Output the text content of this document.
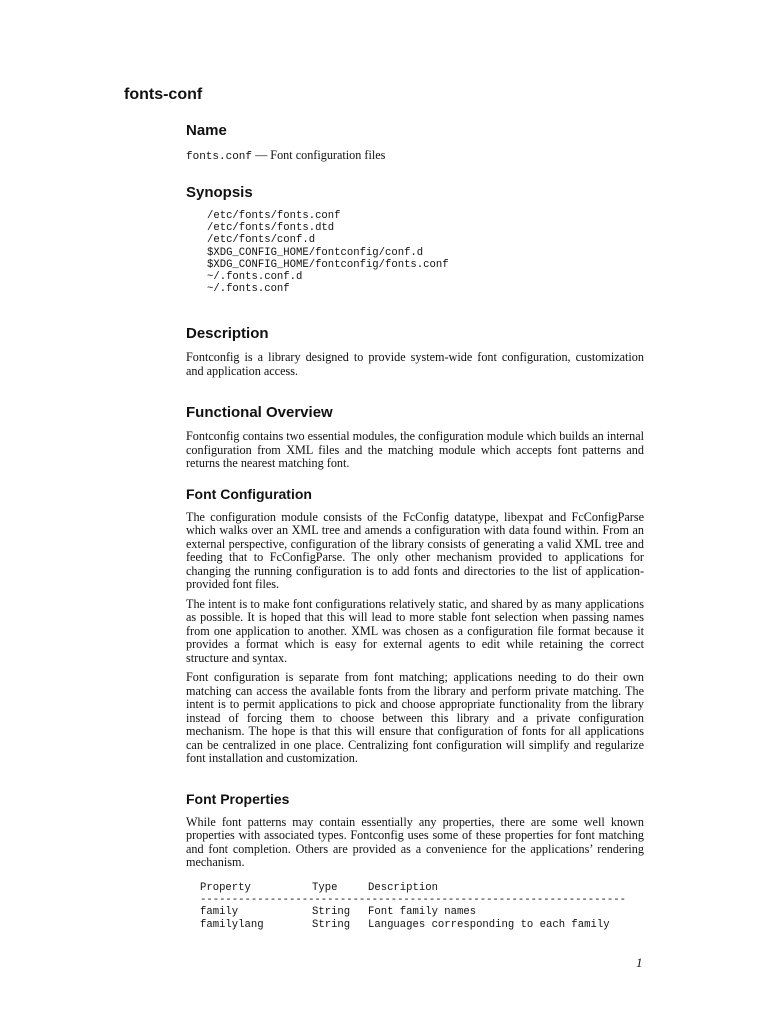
fonts-conf
Name
fonts.conf — Font configuration files
Synopsis
/etc/fonts/fonts.conf
/etc/fonts/fonts.dtd
/etc/fonts/conf.d
$XDG_CONFIG_HOME/fontconfig/conf.d
$XDG_CONFIG_HOME/fontconfig/fonts.conf
~/.fonts.conf.d
~/.fonts.conf
Description

Fontconfig is a library designed to provide system-wide font configuration, customization and application access.

Functional Overview

Fontconfig contains two essential modules, the configuration module which builds an internal configuration from XML files and the matching module which accepts font patterns and returns the nearest matching font.

Font Configuration

The configuration module consists of the FcConfig datatype, libexpat and FcConfigParse which walks over an XML tree and amends a configuration with data found within. From an external perspective, configuration of the library consists of generating a valid XML tree and feeding that to FcConfigParse. The only other mechanism provided to applications for changing the running configuration is to add fonts and directories to the list of application-provided font files.

The intent is to make font configurations relatively static, and shared by as many applications as possible. It is hoped that this will lead to more stable font selection when passing names from one application to another. XML was chosen as a configuration file format because it provides a format which is easy for external agents to edit while retaining the correct structure and syntax.

Font configuration is separate from font matching; applications needing to do their own matching can access the available fonts from the library and perform private matching. The intent is to permit applications to pick and choose appropriate functionality from the library instead of forcing them to choose between this library and a private configuration mechanism. The hope is that this will ensure that configuration of fonts for all applications can be centralized in one place. Centralizing font configuration will simplify and regularize font installation and customization.

Font Properties

While font patterns may contain essentially any properties, there are some well known properties with associated types. Fontconfig uses some of these properties for font matching and font completion. Others are provided as a convenience for the applications’ rendering mechanism.

Property	Type	Description
-------------------------------------------------------------------		
family	String	Font family names
familylang	String	Languages corresponding to each family
1
